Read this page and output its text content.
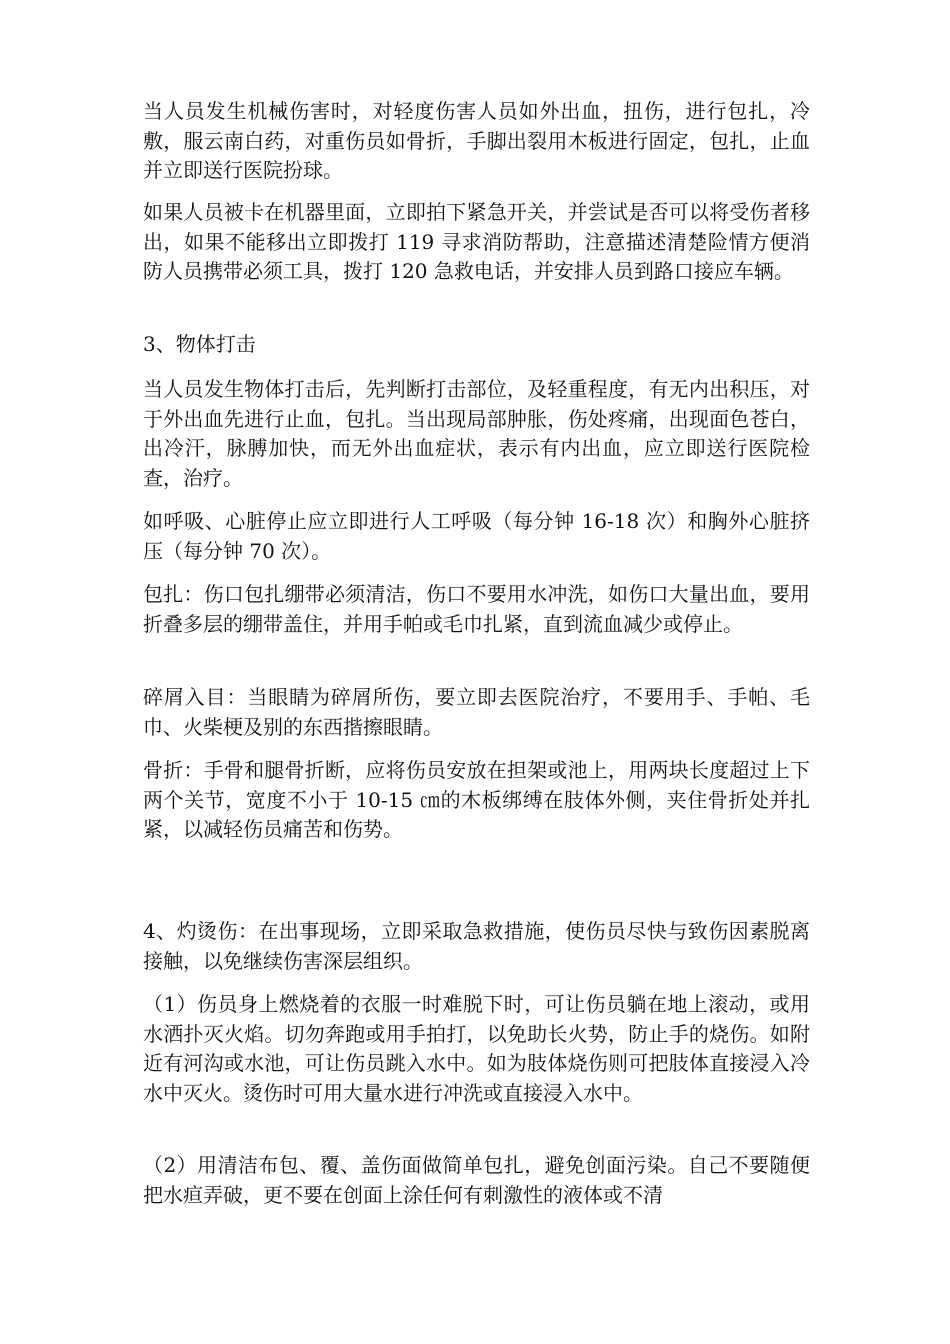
当人员发生机械伤害时，对轻度伤害人员如外出血，扭伤，进行包扎，冷敷，服云南白药，对重伤员如骨折，手脚出裂用木板进行固定，包扎，止血并立即送行医院扮球。

如果人员被卡在机器里面，立即拍下紧急开关，并尝试是否可以将受伤者移出，如果不能移出立即拨打 119 寻求消防帮助，注意描述清楚险情方便消防人员携带必须工具，拨打 120 急救电话，并安排人员到路口接应车辆。

3、物体打击

当人员发生物体打击后，先判断打击部位，及轻重程度，有无内出积压，对于外出血先进行止血，包扎。当出现局部肿胀，伤处疼痛，出现面色苍白，出冷汗，脉膊加快，而无外出血症状，表示有内出血，应立即送行医院检查，治疗。

如呼吸、心脏停止应立即进行人工呼吸（每分钟 16-18 次）和胸外心脏挤压（每分钟 70 次）。

包扎：伤口包扎绷带必须清洁，伤口不要用水冲洗，如伤口大量出血，要用折叠多层的绷带盖住，并用手帕或毛巾扎紧，直到流血减少或停止。

碎屑入目：当眼睛为碎屑所伤，要立即去医院治疗，不要用手、手帕、毛巾、火柴梗及别的东西揩擦眼睛。

骨折：手骨和腿骨折断，应将伤员安放在担架或池上，用两块长度超过上下两个关节，宽度不小于 10-15 ㎝的木板绑缚在肢体外侧，夹住骨折处并扎紧，以减轻伤员痛苦和伤势。

4、灼烫伤：在出事现场，立即采取急救措施，使伤员尽快与致伤因素脱离接触，以免继续伤害深层组织。

（1）伤员身上燃烧着的衣服一时难脱下时，可让伤员躺在地上滚动，或用水洒扑灭火焰。切勿奔跑或用手拍打，以免助长火势，防止手的烧伤。如附近有河沟或水池，可让伤员跳入水中。如为肢体烧伤则可把肢体直接浸入冷水中灭火。烫伤时可用大量水进行冲洗或直接浸入水中。

（2）用清洁布包、覆、盖伤面做简单包扎，避免创面污染。自己不要随便把水疸弄破，更不要在创面上涂任何有刺激性的液体或不清
